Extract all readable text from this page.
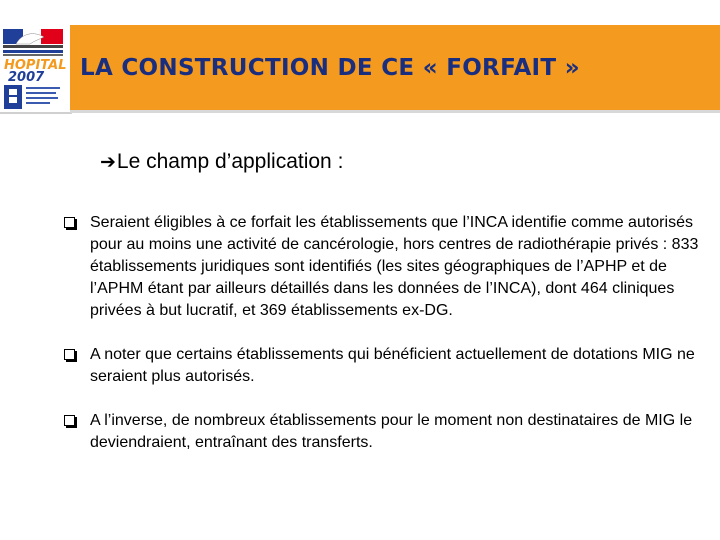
HOPITAL
2007 LA CONSTRUCTION DE CE « FORFAIT »
➔Le champ d’application :
Seraient éligibles à ce forfait les établissements que l’INCA identifie comme autorisés pour au moins une activité de cancérologie, hors centres de radiothérapie privés : 833 établissements juridiques sont identifiés (les sites géographiques de l’APHP et de l’APHM étant par ailleurs détaillés dans les données de l’INCA), dont 464 cliniques privées à but lucratif, et 369 établissements ex-DG.
A noter que certains établissements qui bénéficient actuellement de dotations MIG ne seraient plus autorisés.
A l’inverse, de nombreux établissements pour le moment non destinataires de MIG le deviendraient, entraînant des transferts.
